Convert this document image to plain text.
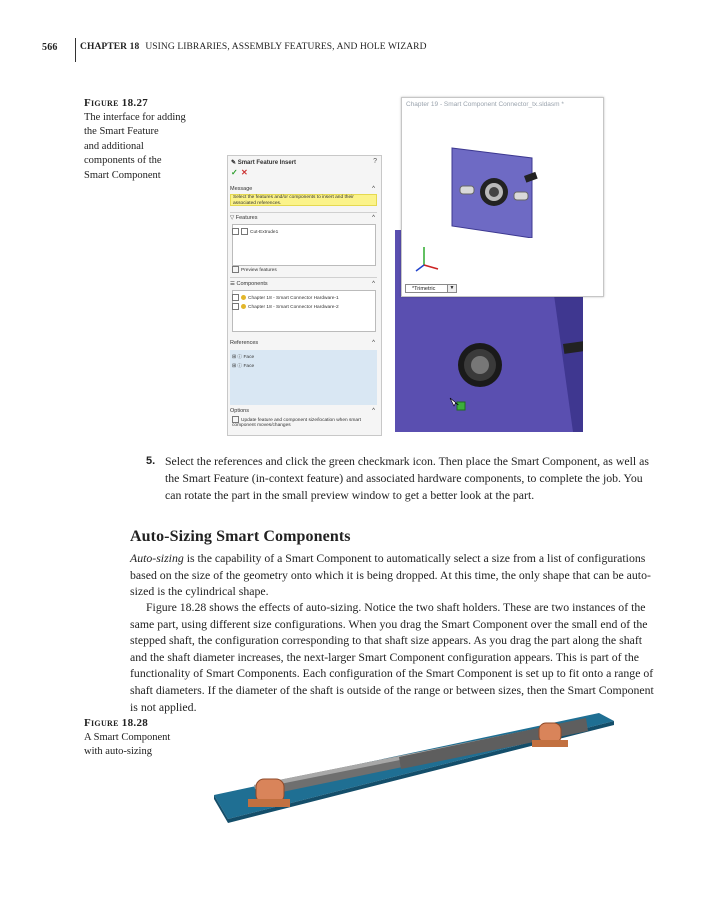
566 CHAPTER 18 USING LIBRARIES, ASSEMBLY FEATURES, AND HOLE WIZARD
Figure 18.27
The interface for adding
the Smart Feature
and additional
components of the
Smart Component
Chapter 19 - Smart Component Connector_tx.sldasm *
*Trimetric	▼
✎ Smart Feature Insert	?
✓ ✕
Message	^
Select the features and/or components to insert and their associated references.
▽ Features	^
Cut-Extrude1
Preview features
☰ Components	^
Chapter 18 - Smart Connector Hardware-1
Chapter 18 - Smart Connector Hardware-2
References	^
⊞ ⓘ Face
⊞ ⓘ Face
Options	^
Update feature and component size/location when smart component moves/changes
5. Select the references and click the green checkmark icon. Then place the Smart Component, as well as the Smart Feature (in-context feature) and associated hardware components, to complete the job. You can rotate the part in the small preview window to get a better look at the part.
Auto-Sizing Smart Components
Auto-sizing is the capability of a Smart Component to automatically select a size from a list of configurations based on the size of the geometry onto which it is being dropped. At this time, the only shape that can be auto-sized is the cylindrical shape.
Figure 18.28 shows the effects of auto-sizing. Notice the two shaft holders. These are two instances of the same part, using different size configurations. When you drag the Smart Component over the small end of the stepped shaft, the configuration corresponding to that shaft size appears. As you drag the part along the shaft and the shaft diameter increases, the next-larger Smart Component configuration appears. This is part of the functionality of Smart Components. Each configuration of the Smart Component is set up to fit onto a range of shaft diameters. If the diameter of the shaft is outside of the range or between sizes, then the Smart Component is not applied.
Figure 18.28
A Smart Component
with auto-sizing
